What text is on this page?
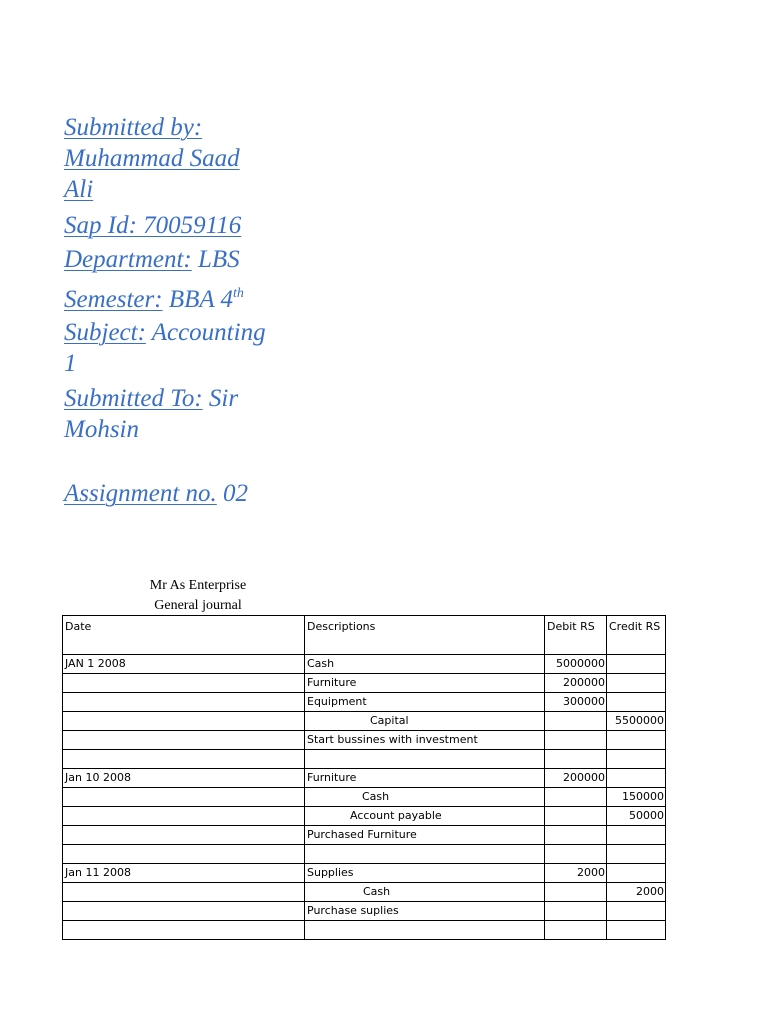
Submitted by:
Muhammad Saad
Ali
Sap Id: 70059116
Department: LBS
Semester: BBA 4th
Subject: Accounting
1
Submitted To: Sir
Mohsin
Assignment no. 02
Mr As Enterprise
General journal
Date	Descriptions	Debit RS	Credit RS
JAN 1 2008	Cash	5000000	
	Furniture	200000	
	Equipment	300000	
	Capital		5500000
	Start bussines with investment		

Jan 10 2008	Furniture	200000	
	Cash		150000
	Account payable		50000
	Purchased Furniture		

Jan 11 2008	Supplies	2000	
	Cash		2000
	Purchase suplies		
